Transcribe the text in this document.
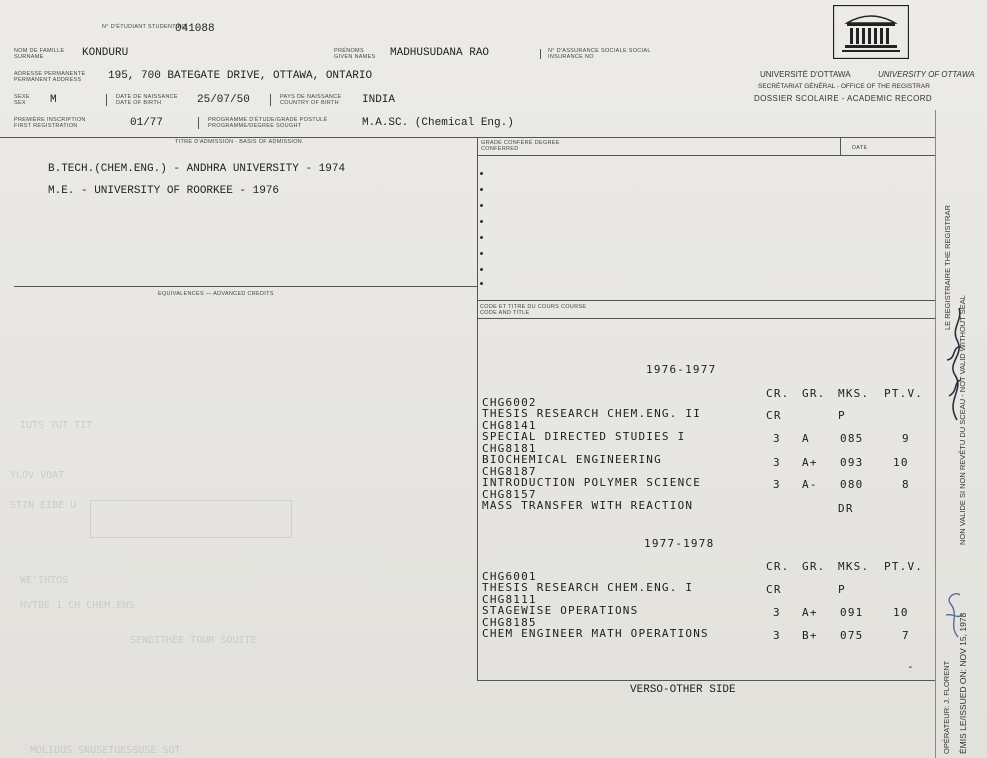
IUTS 7UT TIT
YLOV VOAT
STIN EIBE U
WE'IHTOS
HVTBE 1 CH CHEM.EWS
SENGITHEE TOUR SOUITE
MOLIDUS SNUSETUESSUSE SOT
N° D'ÉTUDIANT STUDENT NO
041088
NOM DE FAMILLE SURNAME	KONDURU	PRÉNOMS GIVEN NAMES	MADHUSUDANA RAO	N° D'ASSURANCE SOCIALE SOCIAL INSURANCE NO
ADRESSE PERMANENTE PERMANENT ADDRESS	195, 700 BATEGATE DRIVE, OTTAWA, ONTARIO
SEXE SEX	M	DATE DE NAISSANCE DATE OF BIRTH	25/07/50	PAYS DE NAISSANCE COUNTRY OF BIRTH	INDIA
PREMIÈRE INSCRIPTION FIRST REGISTRATION	01/77	PROGRAMME D'ÉTUDE/GRADE POSTULÉ PROGRAMME/DEGREE SOUGHT	M.A.SC. (Chemical Eng.)
UNIVERSITÉ D'OTTAWA	UNIVERSITY OF OTTAWA
SECRÉTARIAT GÉNÉRAL - OFFICE OF THE REGISTRAR
DOSSIER SCOLAIRE - ACADEMIC RECORD
TITRE D'ADMISSION - BASIS OF ADMISSION
B.TECH.(CHEM.ENG.) - ANDHRA UNIVERSITY - 1974
M.E. - UNIVERSITY OF ROORKEE - 1976
GRADE CONFÉRÉ DEGREE CONFERRED	DATE
EQUIVALENCES — ADVANCED CREDITS
CODE ET TITRE DU COURS COURSE CODE AND TITLE
1976-1977
CR. GR. MKS. PT.V.
CHG6002
THESIS RESEARCH CHEM.ENG. II	CR	P
CHG8141
SPECIAL DIRECTED STUDIES I	3 A	085	9
CHG8181
BIOCHEMICAL ENGINEERING	3 A+ 093	10
CHG8187
INTRODUCTION POLYMER SCIENCE	3 A- 080	8
CHG8157
MASS TRANSFER WITH REACTION	DR
1977-1978
CR. GR. MKS. PT.V.
CHG6001
THESIS RESEARCH CHEM.ENG. I	CR	P
CHG8111
STAGEWISE OPERATIONS	3 A+ 091	10
CHG8185
CHEM ENGINEER MATH OPERATIONS	3 B+ 075	7
-
VERSO-OTHER SIDE
LE REGISTRAIRE THE REGISTRAR
NON VALIDE SI NON REVÊTU DU SCEAU - NOT VALID WITHOUT SEAL
ÉMIS LE/ISSUED ON: NOV 15, 1978
OPÉRATEUR: J. FLORENT
